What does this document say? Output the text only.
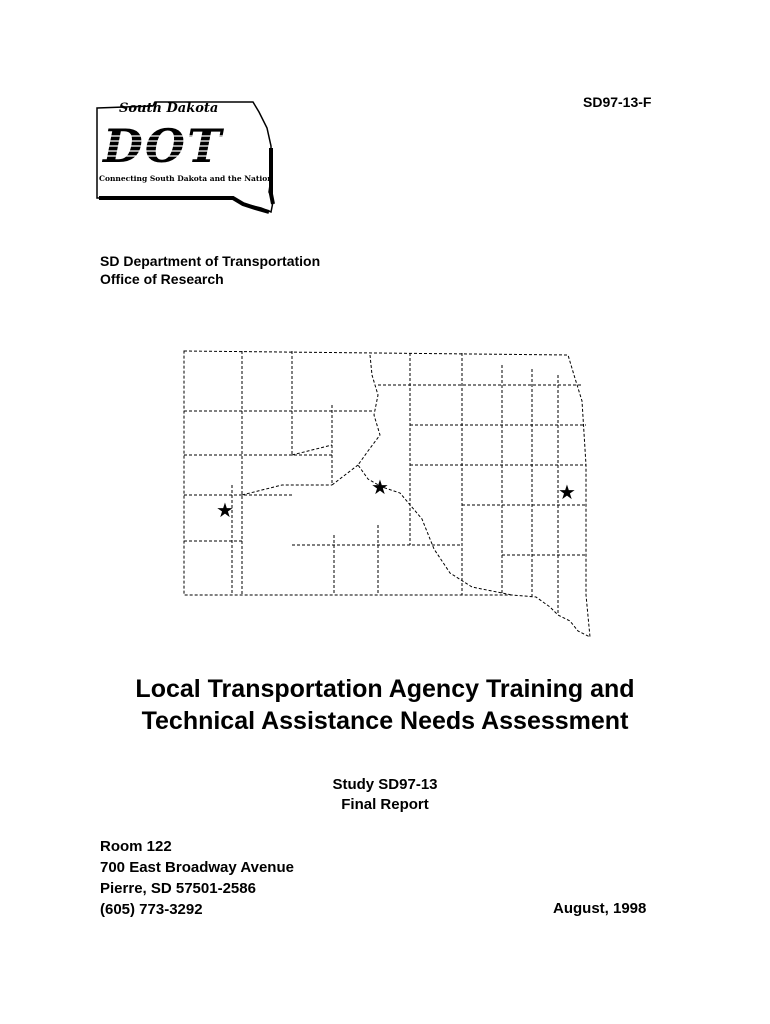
SD97-13-F
South Dakota
DOT
Connecting South Dakota and the Nation
SD Department of Transportation
Office of Research
★
★	★
Local Transportation Agency Training and
Technical Assistance Needs Assessment
Study SD97-13
Final Report
Room 122
700 East Broadway Avenue
Pierre, SD 57501-2586
(605) 773-3292	August, 1998
